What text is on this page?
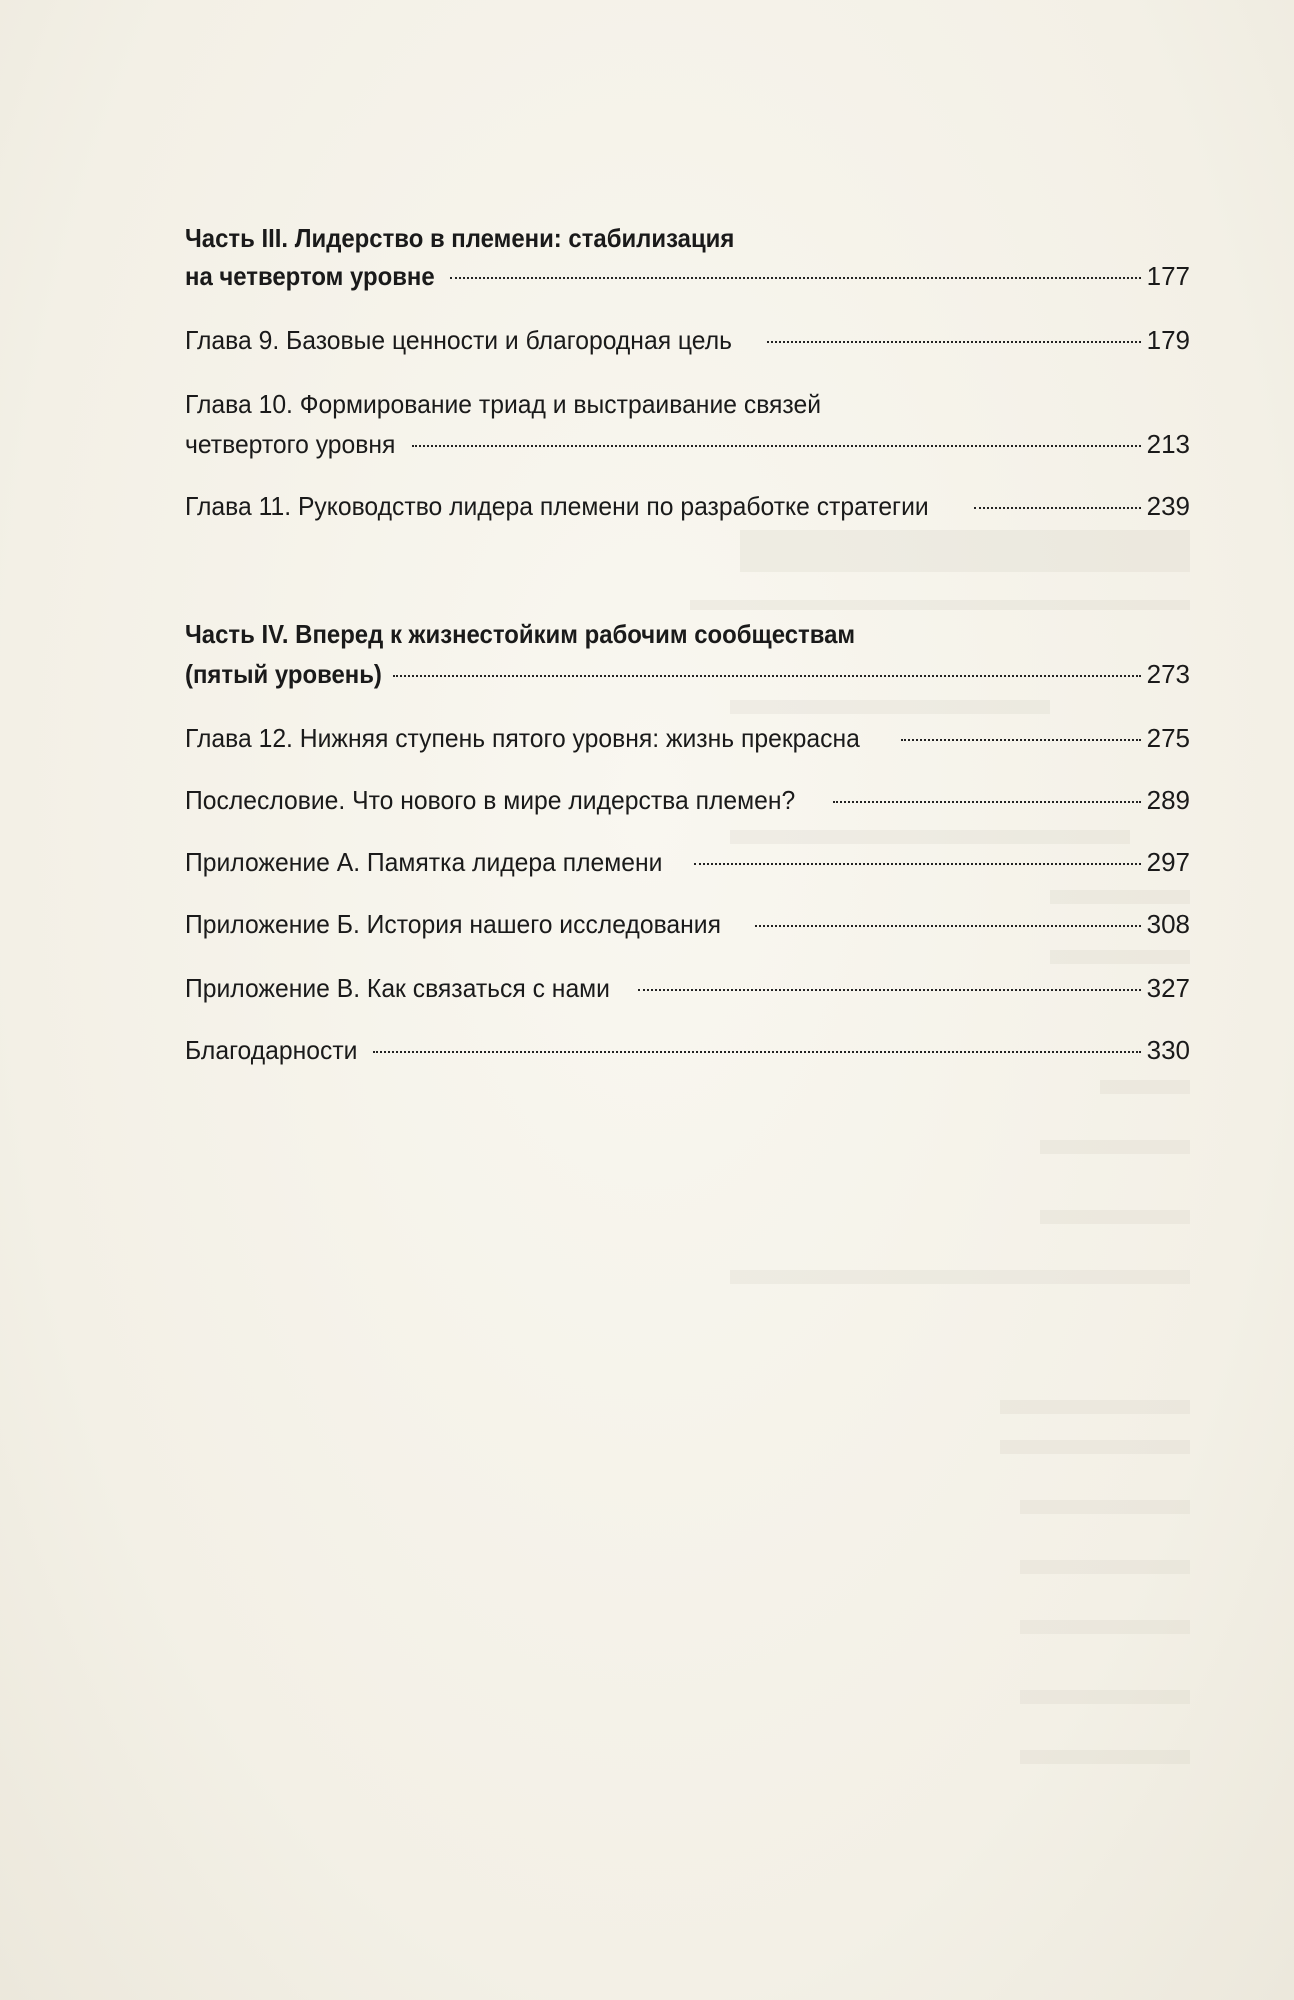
Часть III. Лидерство в племени: стабилизация
на четвертом уровне	177
Глава 9. Базовые ценности и благородная цель	179
Глава 10. Формирование триад и выстраивание связей
четвертого уровня	213
Глава 11. Руководство лидера племени по разработке стратегии	239
Часть IV. Вперед к жизнестойким рабочим сообществам
(пятый уровень)	273
Глава 12. Нижняя ступень пятого уровня: жизнь прекрасна	275
Послесловие. Что нового в мире лидерства племен?	289
Приложение А. Памятка лидера племени	297
Приложение Б. История нашего исследования	308
Приложение В. Как связаться с нами	327
Благодарности	330
